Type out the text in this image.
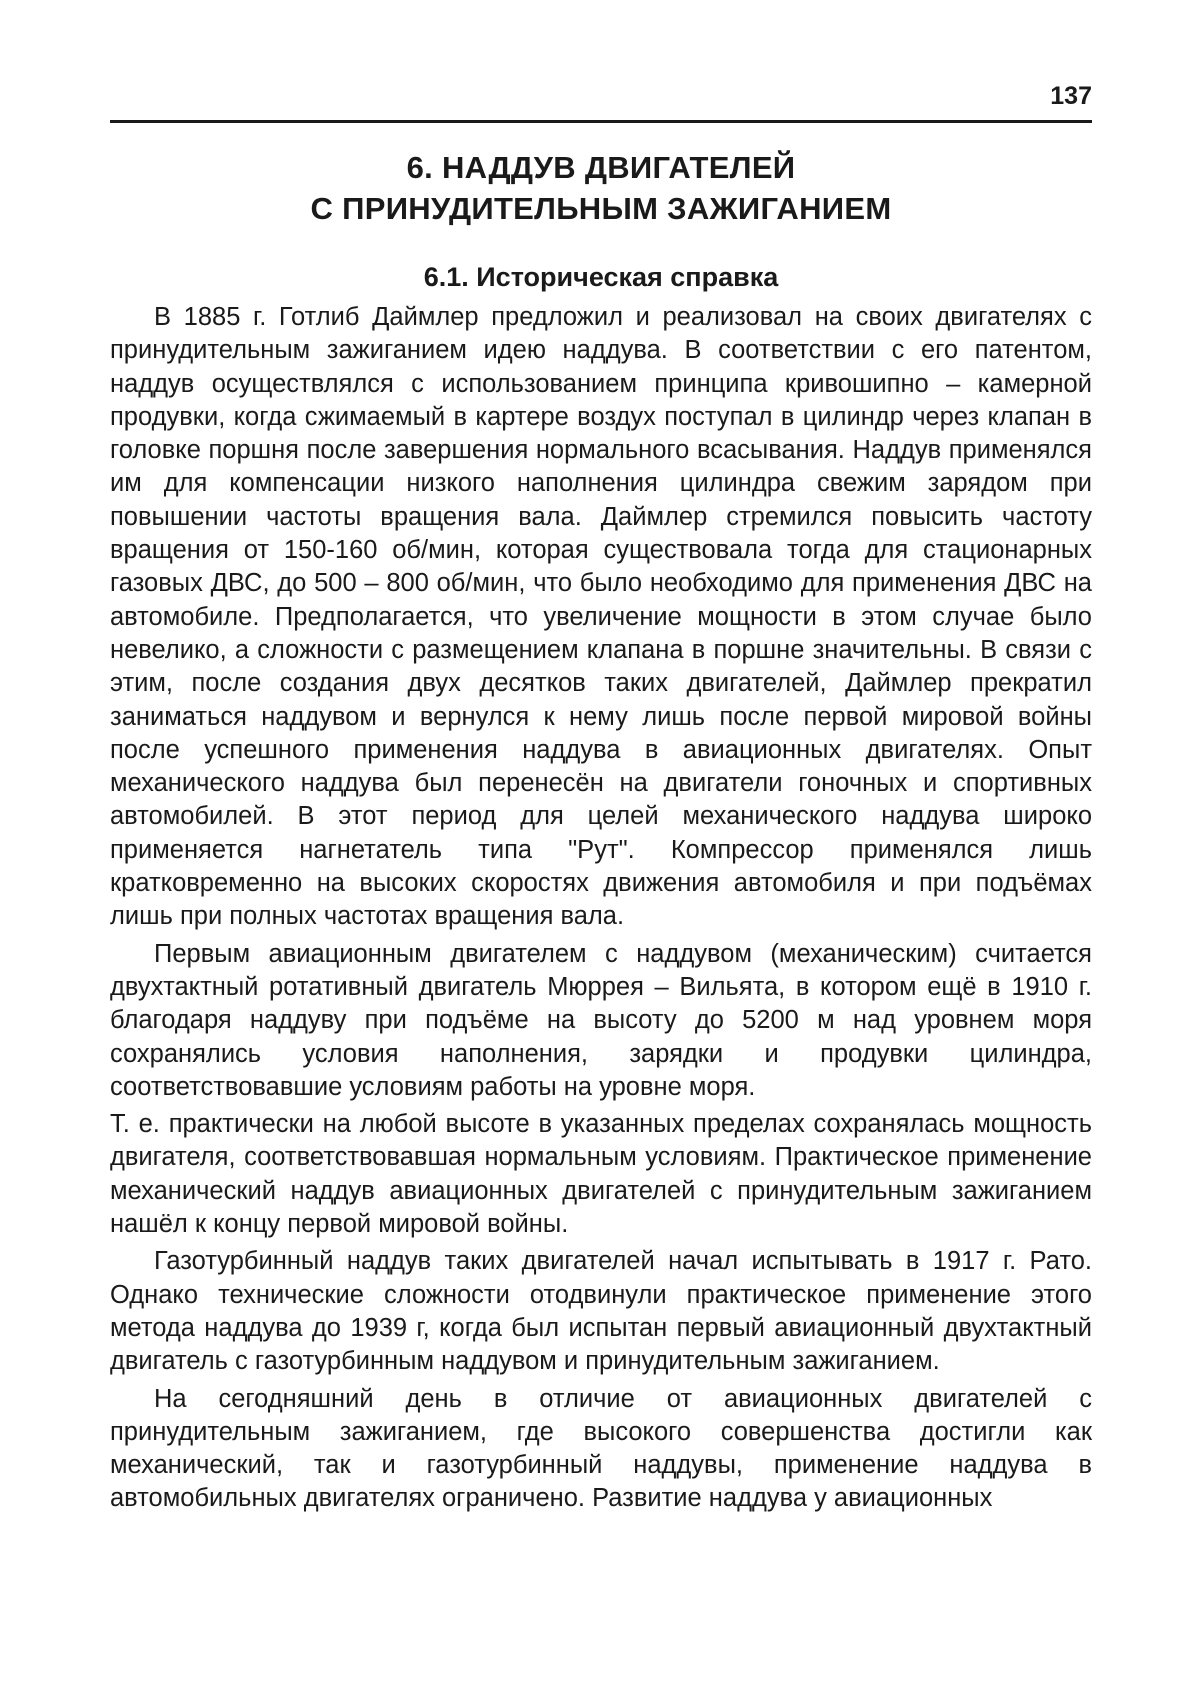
137
6. НАДДУВ ДВИГАТЕЛЕЙ
С ПРИНУДИТЕЛЬНЫМ ЗАЖИГАНИЕМ
6.1. Историческая справка

В 1885 г. Готлиб Даймлер предложил и реализовал на своих двигателях с принудительным зажиганием идею наддува. В соответствии с его патентом, наддув осуществлялся с использованием принципа кривошипно – камерной продувки, когда сжимаемый в картере воздух поступал в цилиндр через клапан в головке поршня после завершения нормального всасывания. Наддув применялся им для компенсации низкого наполнения цилиндра свежим зарядом при повышении частоты вращения вала. Даймлер стремился повысить частоту вращения от 150-160 об/мин, которая существовала тогда для стационарных газовых ДВС, до 500 – 800 об/мин, что было необходимо для применения ДВС на автомобиле. Предполагается, что увеличение мощности в этом случае было невелико, а сложности с размещением клапана в поршне значительны. В связи с этим, после создания двух десятков таких двигателей, Даймлер прекратил заниматься наддувом и вернулся к нему лишь после первой мировой войны после успешного применения наддува в авиационных двигателях. Опыт механического наддува был перенесён на двигатели гоночных и спортивных автомобилей. В этот период для целей механического наддува широко применяется нагнетатель типа "Рут". Компрессор применялся лишь кратковременно на высоких скоростях движения автомобиля и при подъёмах лишь при полных частотах вращения вала.

Первым авиационным двигателем с наддувом (механическим) считается двухтактный ротативный двигатель Мюррея – Вильята, в котором ещё в 1910 г. благодаря наддуву при подъёме на высоту до 5200 м над уровнем моря сохранялись условия наполнения, зарядки и продувки цилиндра, соответствовавшие условиям работы на уровне моря.

Т. е. практически на любой высоте в указанных пределах сохранялась мощность двигателя, соответствовавшая нормальным условиям. Практическое применение механический наддув авиационных двигателей с принудительным зажиганием нашёл к концу первой мировой войны.

Газотурбинный наддув таких двигателей начал испытывать в 1917 г. Рато. Однако технические сложности отодвинули практическое применение этого метода наддува до 1939 г, когда был испытан первый авиационный двухтактный двигатель с газотурбинным наддувом и принудительным зажиганием.

На сегодняшний день в отличие от авиационных двигателей с принудительным зажиганием, где высокого совершенства достигли как механический, так и газотурбинный наддувы, применение наддува в автомобильных двигателях ограничено. Развитие наддува у авиационных
